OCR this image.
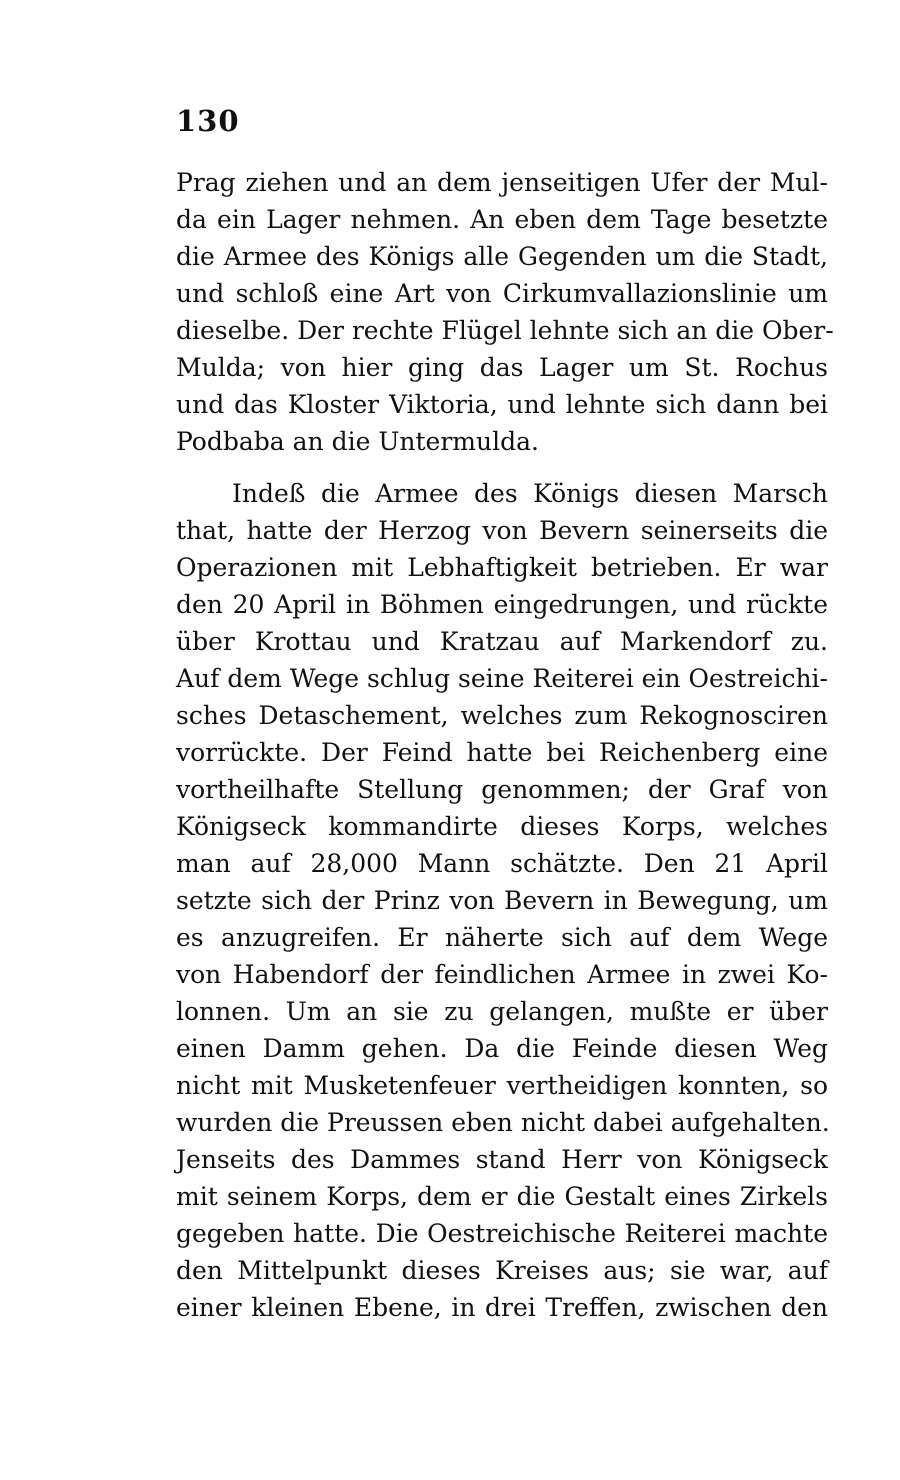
130
Prag ziehen und an dem jenseitigen Ufer der Mul-
da ein Lager nehmen. An eben dem Tage besetzte
die Armee des Königs alle Gegenden um die Stadt,
und schloß eine Art von Cirkumvallazionslinie um
dieselbe. Der rechte Flügel lehnte sich an die Ober-
Mulda; von hier ging das Lager um St. Rochus
und das Kloster Viktoria, und lehnte sich dann bei
Podbaba an die Untermulda.
Indeß die Armee des Königs diesen Marsch
that, hatte der Herzog von Bevern seinerseits die
Operazionen mit Lebhaftigkeit betrieben. Er war
den 20 April in Böhmen eingedrungen, und rückte
über Krottau und Kratzau auf Markendorf zu.
Auf dem Wege schlug seine Reiterei ein Oestreichi-
sches Detaschement, welches zum Rekognosciren
vorrückte. Der Feind hatte bei Reichenberg eine
vortheilhafte Stellung genommen; der Graf von
Königseck kommandirte dieses Korps, welches
man auf 28,000 Mann schätzte. Den 21 April
setzte sich der Prinz von Bevern in Bewegung, um
es anzugreifen. Er näherte sich auf dem Wege
von Habendorf der feindlichen Armee in zwei Ko-
lonnen. Um an sie zu gelangen, mußte er über
einen Damm gehen. Da die Feinde diesen Weg
nicht mit Musketenfeuer vertheidigen konnten, so
wurden die Preussen eben nicht dabei aufgehalten.
Jenseits des Dammes stand Herr von Königseck
mit seinem Korps, dem er die Gestalt eines Zirkels
gegeben hatte. Die Oestreichische Reiterei machte
den Mittelpunkt dieses Kreises aus; sie war, auf
einer kleinen Ebene, in drei Treffen, zwischen den
